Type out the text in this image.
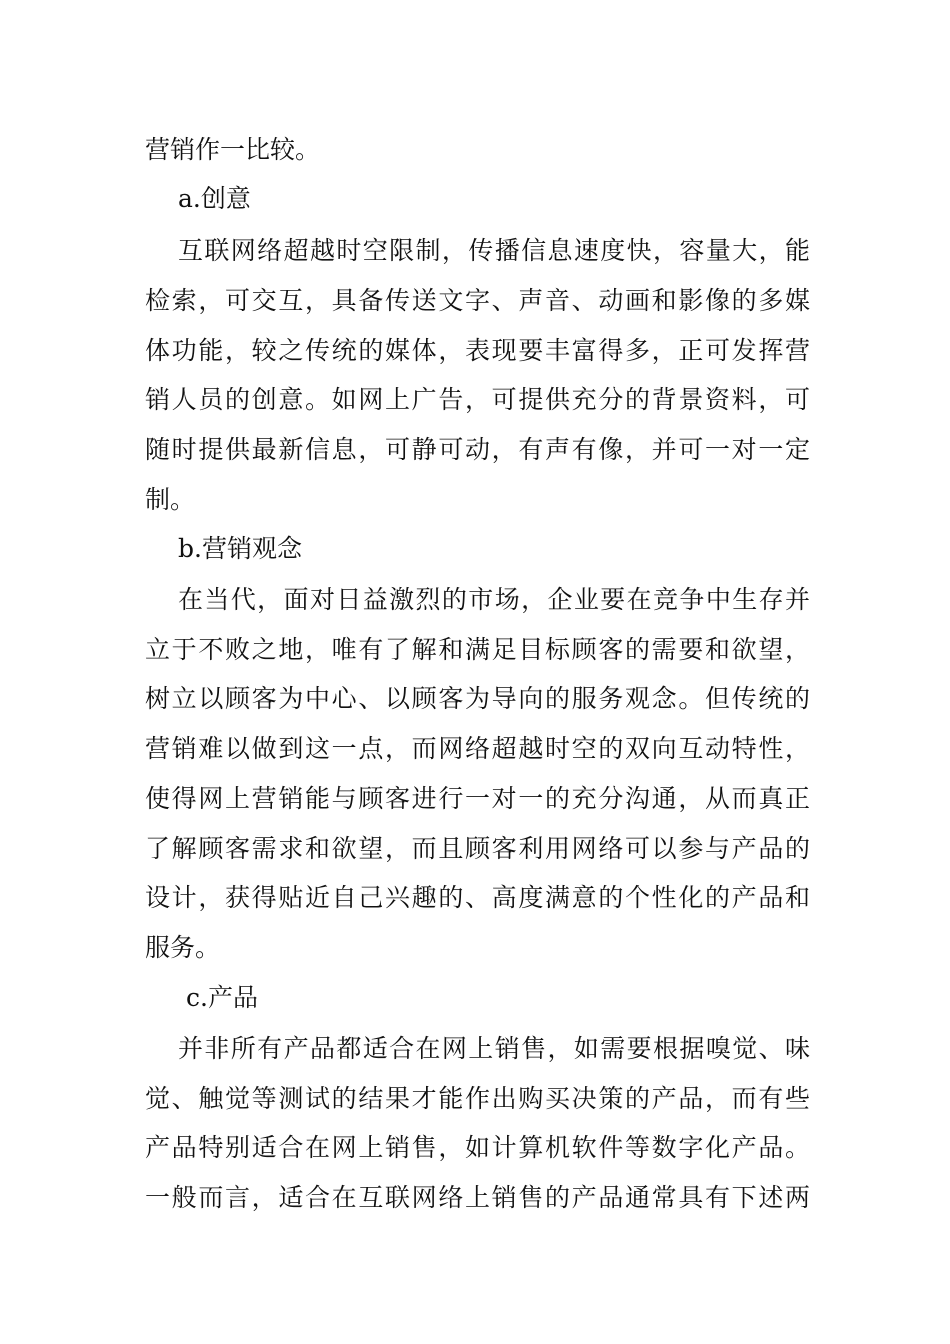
营销作一比较。
a.创意
互联网络超越时空限制，传播信息速度快，容量大，能
检索，可交互，具备传送文字、声音、动画和影像的多媒
体功能，较之传统的媒体，表现要丰富得多，正可发挥营
销人员的创意。如网上广告，可提供充分的背景资料，可
随时提供最新信息，可静可动，有声有像，并可一对一定
制。
b.营销观念
在当代，面对日益激烈的市场，企业要在竞争中生存并
立于不败之地，唯有了解和满足目标顾客的需要和欲望，
树立以顾客为中心、以顾客为导向的服务观念。但传统的
营销难以做到这一点，而网络超越时空的双向互动特性，
使得网上营销能与顾客进行一对一的充分沟通，从而真正
了解顾客需求和欲望，而且顾客利用网络可以参与产品的
设计，获得贴近自己兴趣的、高度满意的个性化的产品和
服务。
c.产品
并非所有产品都适合在网上销售，如需要根据嗅觉、味
觉、触觉等测试的结果才能作出购买决策的产品，而有些
产品特别适合在网上销售，如计算机软件等数字化产品。
一般而言，适合在互联网络上销售的产品通常具有下述两
